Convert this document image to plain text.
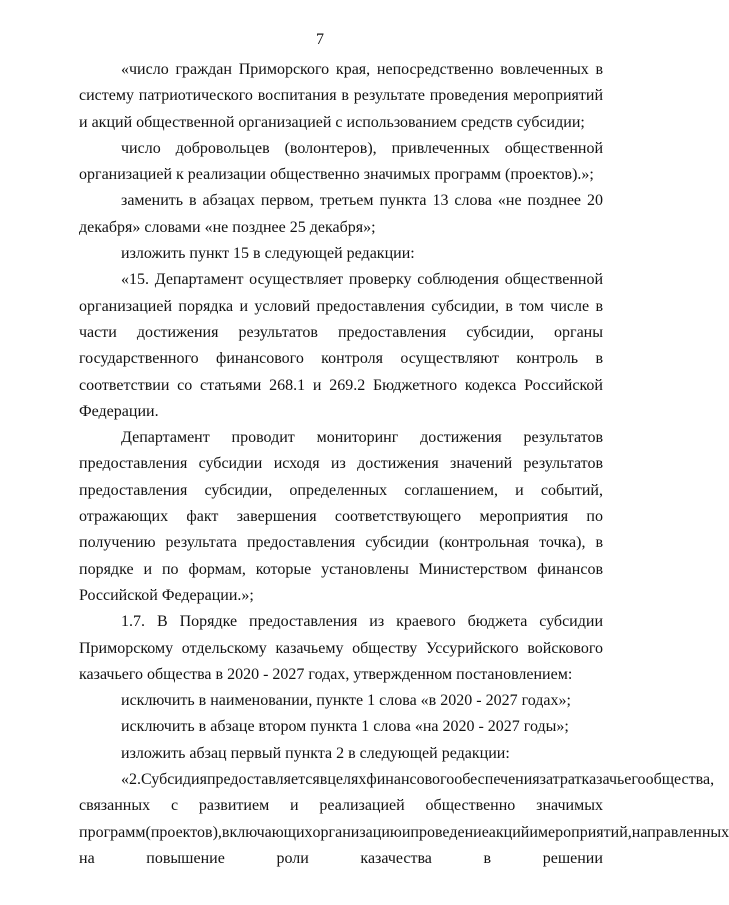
7

«число граждан Приморского края, непосредственно вовлеченных в систему патриотического воспитания в результате проведения мероприятий и акций общественной организацией с использованием средств субсидии;

число добровольцев (волонтеров), привлеченных общественной организацией к реализации общественно значимых программ (проектов).»;

заменить в абзацах первом, третьем пункта 13 слова «не позднее 20 декабря» словами «не позднее 25 декабря»;

изложить пункт 15 в следующей редакции:

«15. Департамент осуществляет проверку соблюдения общественной организацией порядка и условий предоставления субсидии, в том числе в части достижения результатов предоставления субсидии, органы государственного финансового контроля осуществляют контроль в соответствии со статьями 268.1 и 269.2 Бюджетного кодекса Российской Федерации.

Департамент проводит мониторинг достижения результатов предоставления субсидии исходя из достижения значений результатов предоставления субсидии, определенных соглашением, и событий, отражающих факт завершения соответствующего мероприятия по получению результата предоставления субсидии (контрольная точка), в порядке и по формам, которые установлены Министерством финансов Российской Федерации.»;

1.7. В Порядке предоставления из краевого бюджета субсидии Приморскому отдельскому казачьему обществу Уссурийского войскового казачьего общества в 2020 - 2027 годах, утвержденном постановлением:

исключить в наименовании, пункте 1 слова «в 2020 - 2027 годах»;

исключить в абзаце втором пункта 1 слова «на 2020 - 2027 годы»;

изложить абзац первый пункта 2 в следующей редакции:

«2. Субсидия предоставляется в целях финансового обеспечения затрат казачьего общества,
связанных с развитием и реализацией общественно значимых
программ (проектов), включающих организацию и проведение акций и мероприятий, направленных
на	повышение	роли	казачества	в	решении
